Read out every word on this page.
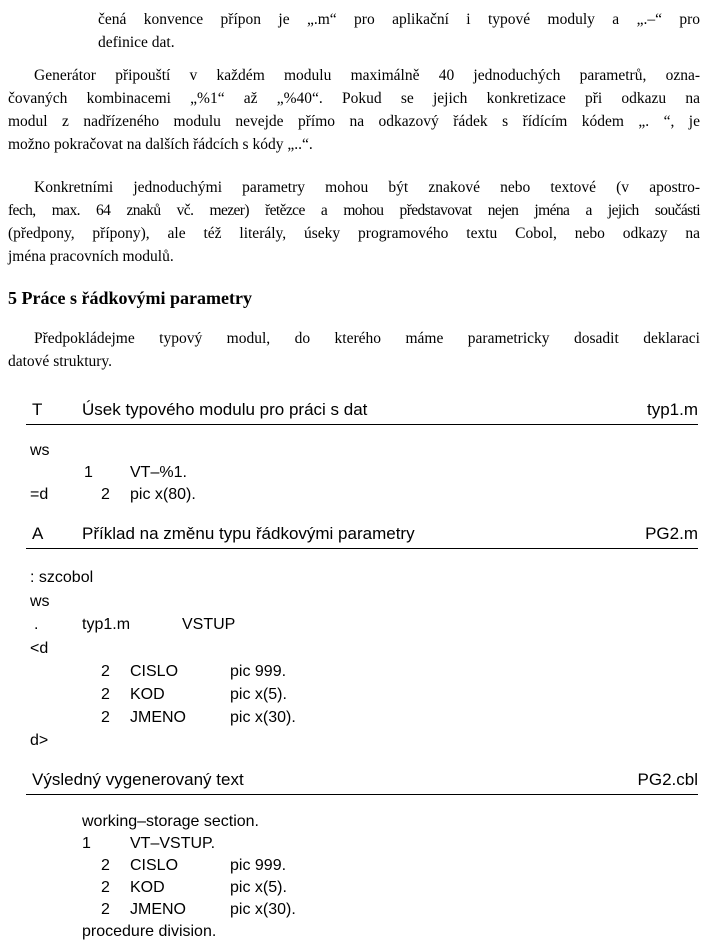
čená konvence přípon je „.m“ pro aplikační i typové moduly a „.–“ pro
definice dat.
Generátor připouští v každém modulu maximálně 40 jednoduchých parametrů, ozna-
čovaných kombinacemi „%1“ až „%40“. Pokud se jejich konkretizace při odkazu na
modul z nadřízeného modulu nevejde přímo na odkazový řádek s řídícím kódem „. “, je
možno pokračovat na dalších řádcích s kódy „..“.
Konkretními jednoduchými parametry mohou být znakové nebo textové (v apostro-
fech, max. 64 znaků vč. mezer) řetězce a mohou představovat nejen jména a jejich součásti
(předpony, přípony), ale též literály, úseky programového textu Cobol, nebo odkazy na
jména pracovních modulů.
5 Práce s řádkovými parametry
Předpokládejme typový modul, do kterého máme parametricky dosadit deklaraci
datové struktury.
T Úsek typového modulu pro práci s dat	typ1.m
ws
1 VT–%1.
=d	2 pic x(80).
A Příklad na změnu typu řádkovými parametry	PG2.m
: szcobol
ws
.	typ1.m	VSTUP
<d
2 CISLO	pic 999.
2 KOD	pic x(5).
2 JMENO	pic x(30).
d>
Výsledný vygenerovaný text	PG2.cbl
working–storage section.
1 VT–VSTUP.
2 CISLO	pic 999.
2 KOD	pic x(5).
2 JMENO	pic x(30).
procedure division.
